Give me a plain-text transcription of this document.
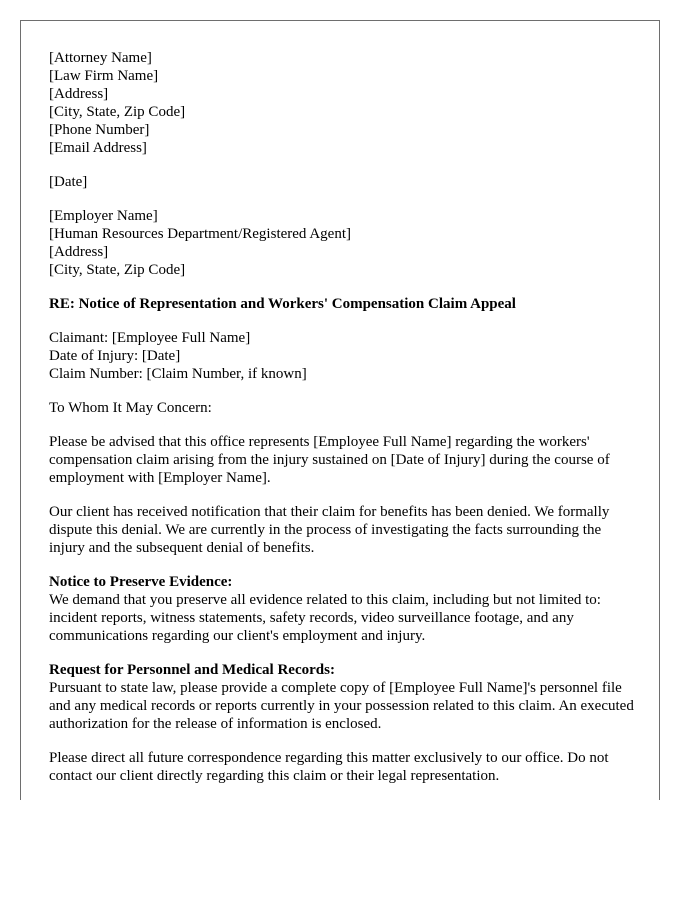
[Attorney Name]
[Law Firm Name]
[Address]
[City, State, Zip Code]
[Phone Number]
[Email Address]
[Date]
[Employer Name]
[Human Resources Department/Registered Agent]
[Address]
[City, State, Zip Code]
RE: Notice of Representation and Workers' Compensation Claim Appeal
Claimant: [Employee Full Name]
Date of Injury: [Date]
Claim Number: [Claim Number, if known]
To Whom It May Concern:
Please be advised that this office represents [Employee Full Name] regarding the workers' compensation claim arising from the injury sustained on [Date of Injury] during the course of employment with [Employer Name].
Our client has received notification that their claim for benefits has been denied. We formally dispute this denial. We are currently in the process of investigating the facts surrounding the injury and the subsequent denial of benefits.
Notice to Preserve Evidence:
We demand that you preserve all evidence related to this claim, including but not limited to: incident reports, witness statements, safety records, video surveillance footage, and any communications regarding our client's employment and injury.
Request for Personnel and Medical Records:
Pursuant to state law, please provide a complete copy of [Employee Full Name]'s personnel file and any medical records or reports currently in your possession related to this claim. An executed authorization for the release of information is enclosed.
Please direct all future correspondence regarding this matter exclusively to our office. Do not contact our client directly regarding this claim or their legal representation.
